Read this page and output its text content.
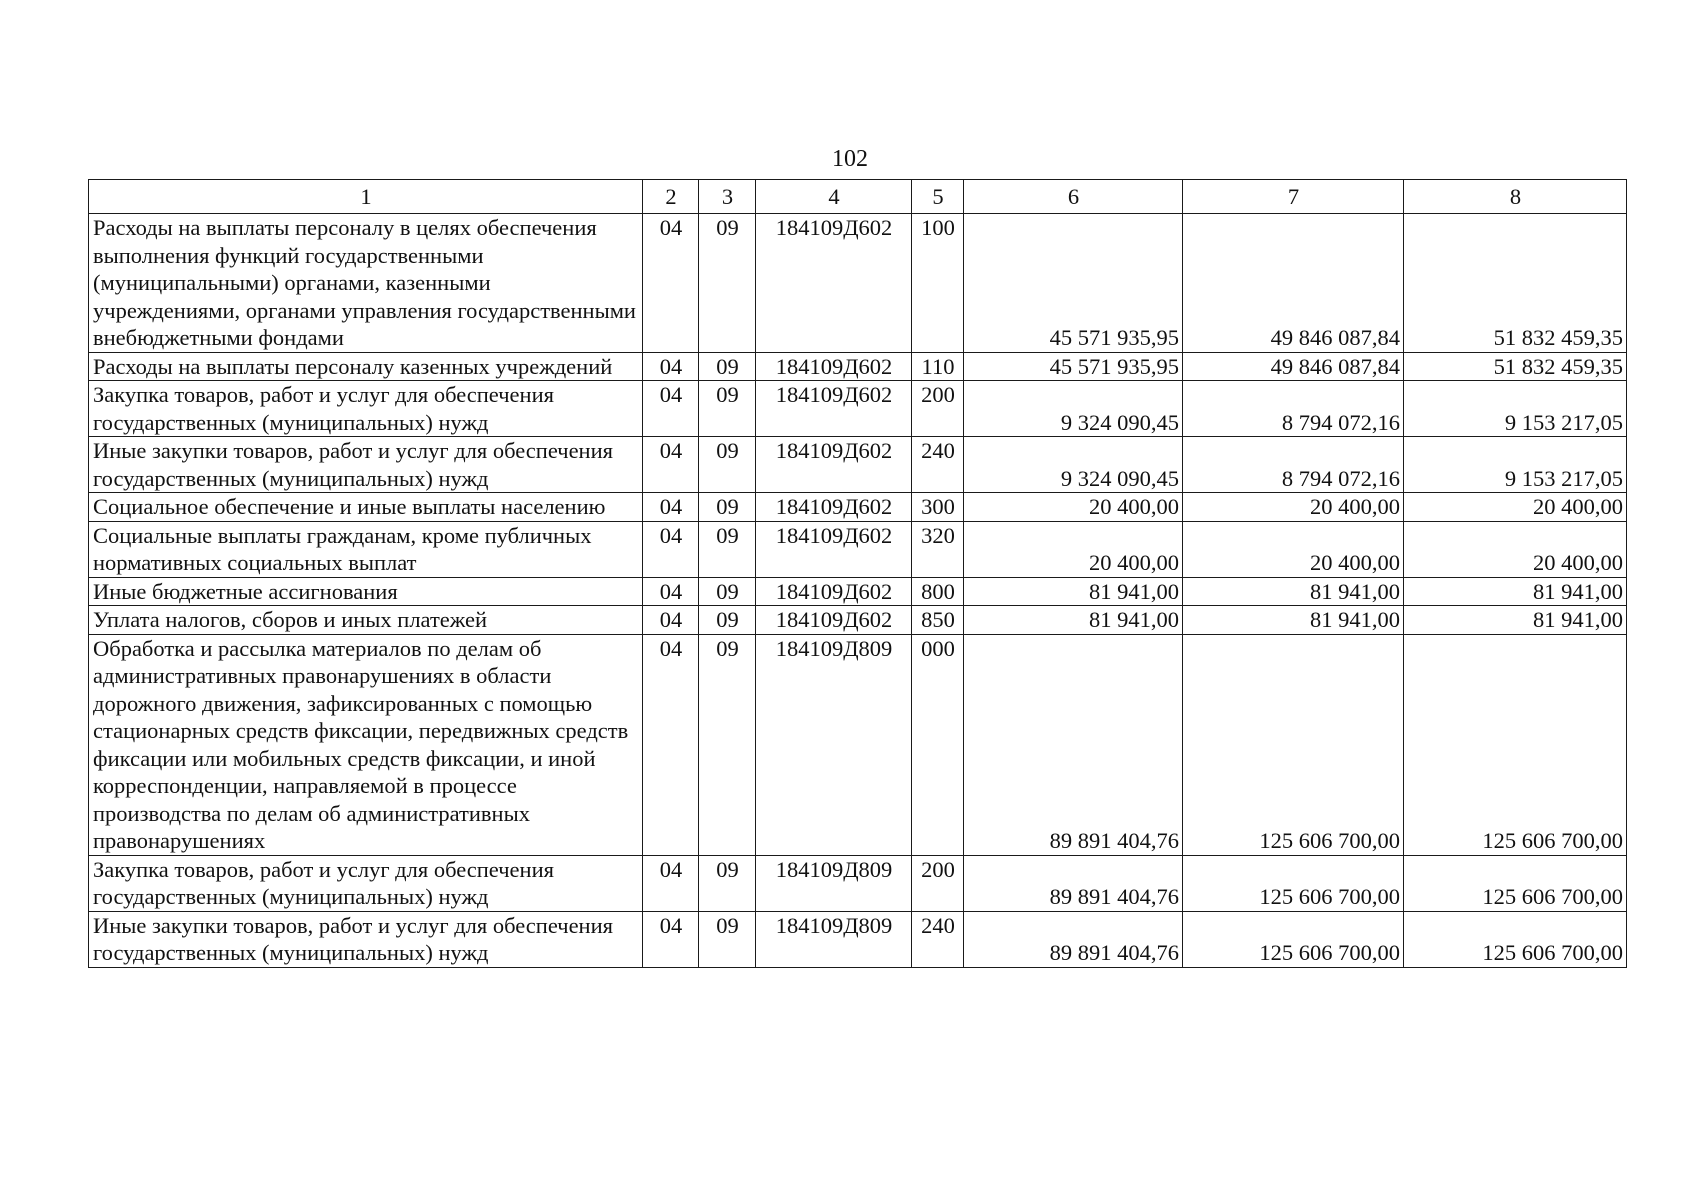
102
1	2	3	4	5	6	7	8
Расходы на выплаты персоналу в целях обеспечения выполнения функций государственными (муниципальными) органами, казенными учреждениями, органами управления государственными внебюджетными фондами	04	09	184109Д602	100	45 571 935,95	49 846 087,84	51 832 459,35
Расходы на выплаты персоналу казенных учреждений	04	09	184109Д602	110	45 571 935,95	49 846 087,84	51 832 459,35
Закупка товаров, работ и услуг для обеспечения государственных (муниципальных) нужд	04	09	184109Д602	200	9 324 090,45	8 794 072,16	9 153 217,05
Иные закупки товаров, работ и услуг для обеспечения государственных (муниципальных) нужд	04	09	184109Д602	240	9 324 090,45	8 794 072,16	9 153 217,05
Социальное обеспечение и иные выплаты населению	04	09	184109Д602	300	20 400,00	20 400,00	20 400,00
Социальные выплаты гражданам, кроме публичных нормативных социальных выплат	04	09	184109Д602	320	20 400,00	20 400,00	20 400,00
Иные бюджетные ассигнования	04	09	184109Д602	800	81 941,00	81 941,00	81 941,00
Уплата налогов, сборов и иных платежей	04	09	184109Д602	850	81 941,00	81 941,00	81 941,00
Обработка и рассылка материалов по делам об административных правонарушениях в области дорожного движения, зафиксированных с помощью стационарных средств фиксации, передвижных средств фиксации или мобильных средств фиксации, и иной корреспонденции, направляемой в процессе производства по делам об административных правонарушениях	04	09	184109Д809	000	89 891 404,76	125 606 700,00	125 606 700,00
Закупка товаров, работ и услуг для обеспечения государственных (муниципальных) нужд	04	09	184109Д809	200	89 891 404,76	125 606 700,00	125 606 700,00
Иные закупки товаров, работ и услуг для обеспечения государственных (муниципальных) нужд	04	09	184109Д809	240	89 891 404,76	125 606 700,00	125 606 700,00
